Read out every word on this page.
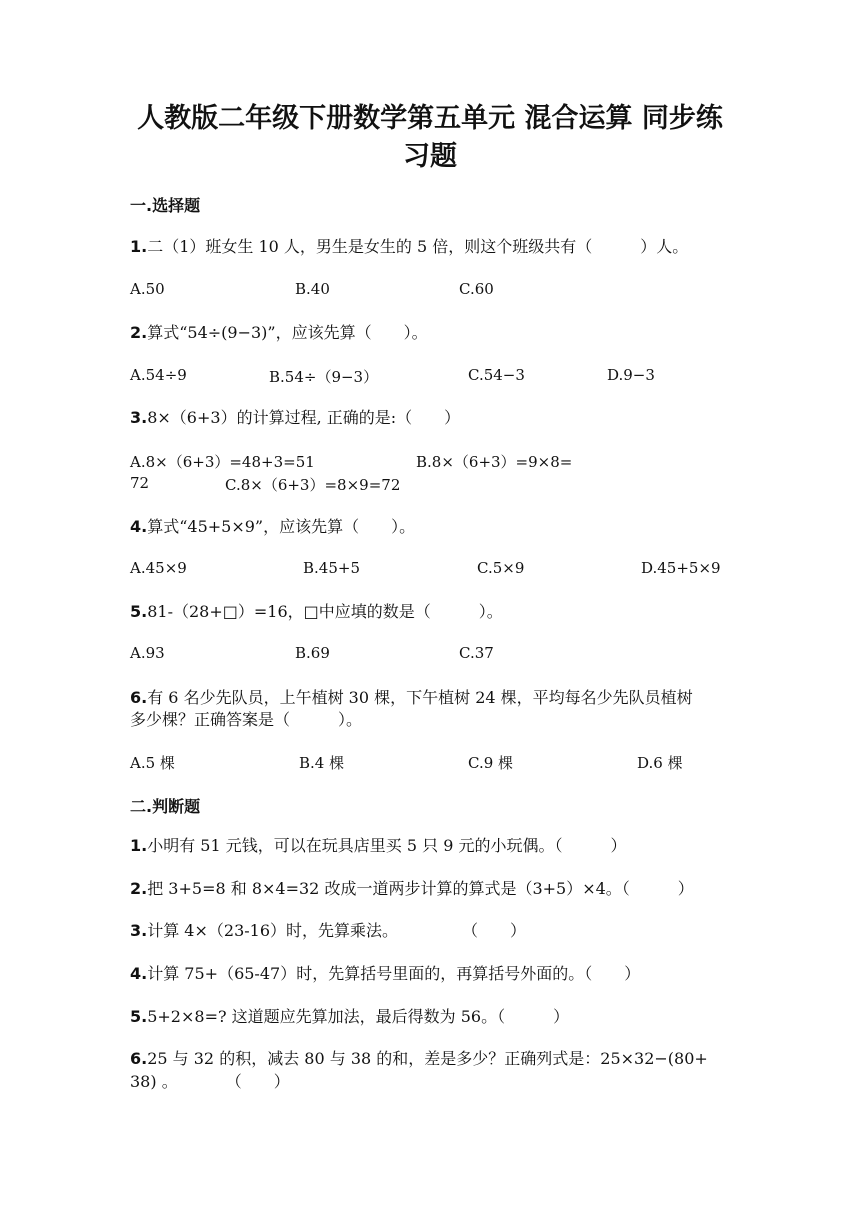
人教版二年级下册数学第五单元 混合运算 同步练
习题
一.选择题
1.二（1）班女生 10 人，男生是女生的 5 倍，则这个班级共有（　　　）人。
A.50	B.40	C.60
2.算式“54÷(9−3)”，应该先算（　　）。
A.54÷9	B.54÷（9−3）	C.54−3	D.9−3
3.8×（6+3）的计算过程, 正确的是:（　　）
A.8×（6+3）=48+3=51	B.8×（6+3）=9×8=
72	C.8×（6+3）=8×9=72
4.算式“45+5×9”，应该先算（　　）。
A.45×9	B.45+5	C.5×9	D.45+5×9
5.81-（28+□）=16，□中应填的数是（　　　）。
A.93	B.69	C.37
6.有 6 名少先队员，上午植树 30 棵，下午植树 24 棵，平均每名少先队员植树
多少棵？正确答案是（　　　）。
A.5 棵	B.4 棵	C.9 棵	D.6 棵
二.判断题
1.小明有 51 元钱，可以在玩具店里买 5 只 9 元的小玩偶。（　　　）
2.把 3+5=8 和 8×4=32 改成一道两步计算的算式是（3+5）×4。（　　　）
3.计算 4×（23-16）时，先算乘法。　　　　　（　　）
4.计算 75+（65-47）时，先算括号里面的，再算括号外面的。（　　）
5.5+2×8=? 这道题应先算加法，最后得数为 56。（　　　）
6.25 与 32 的积，减去 80 与 38 的和，差是多少？正确列式是：25×32−(80+
38) 。　　　　（　　）
